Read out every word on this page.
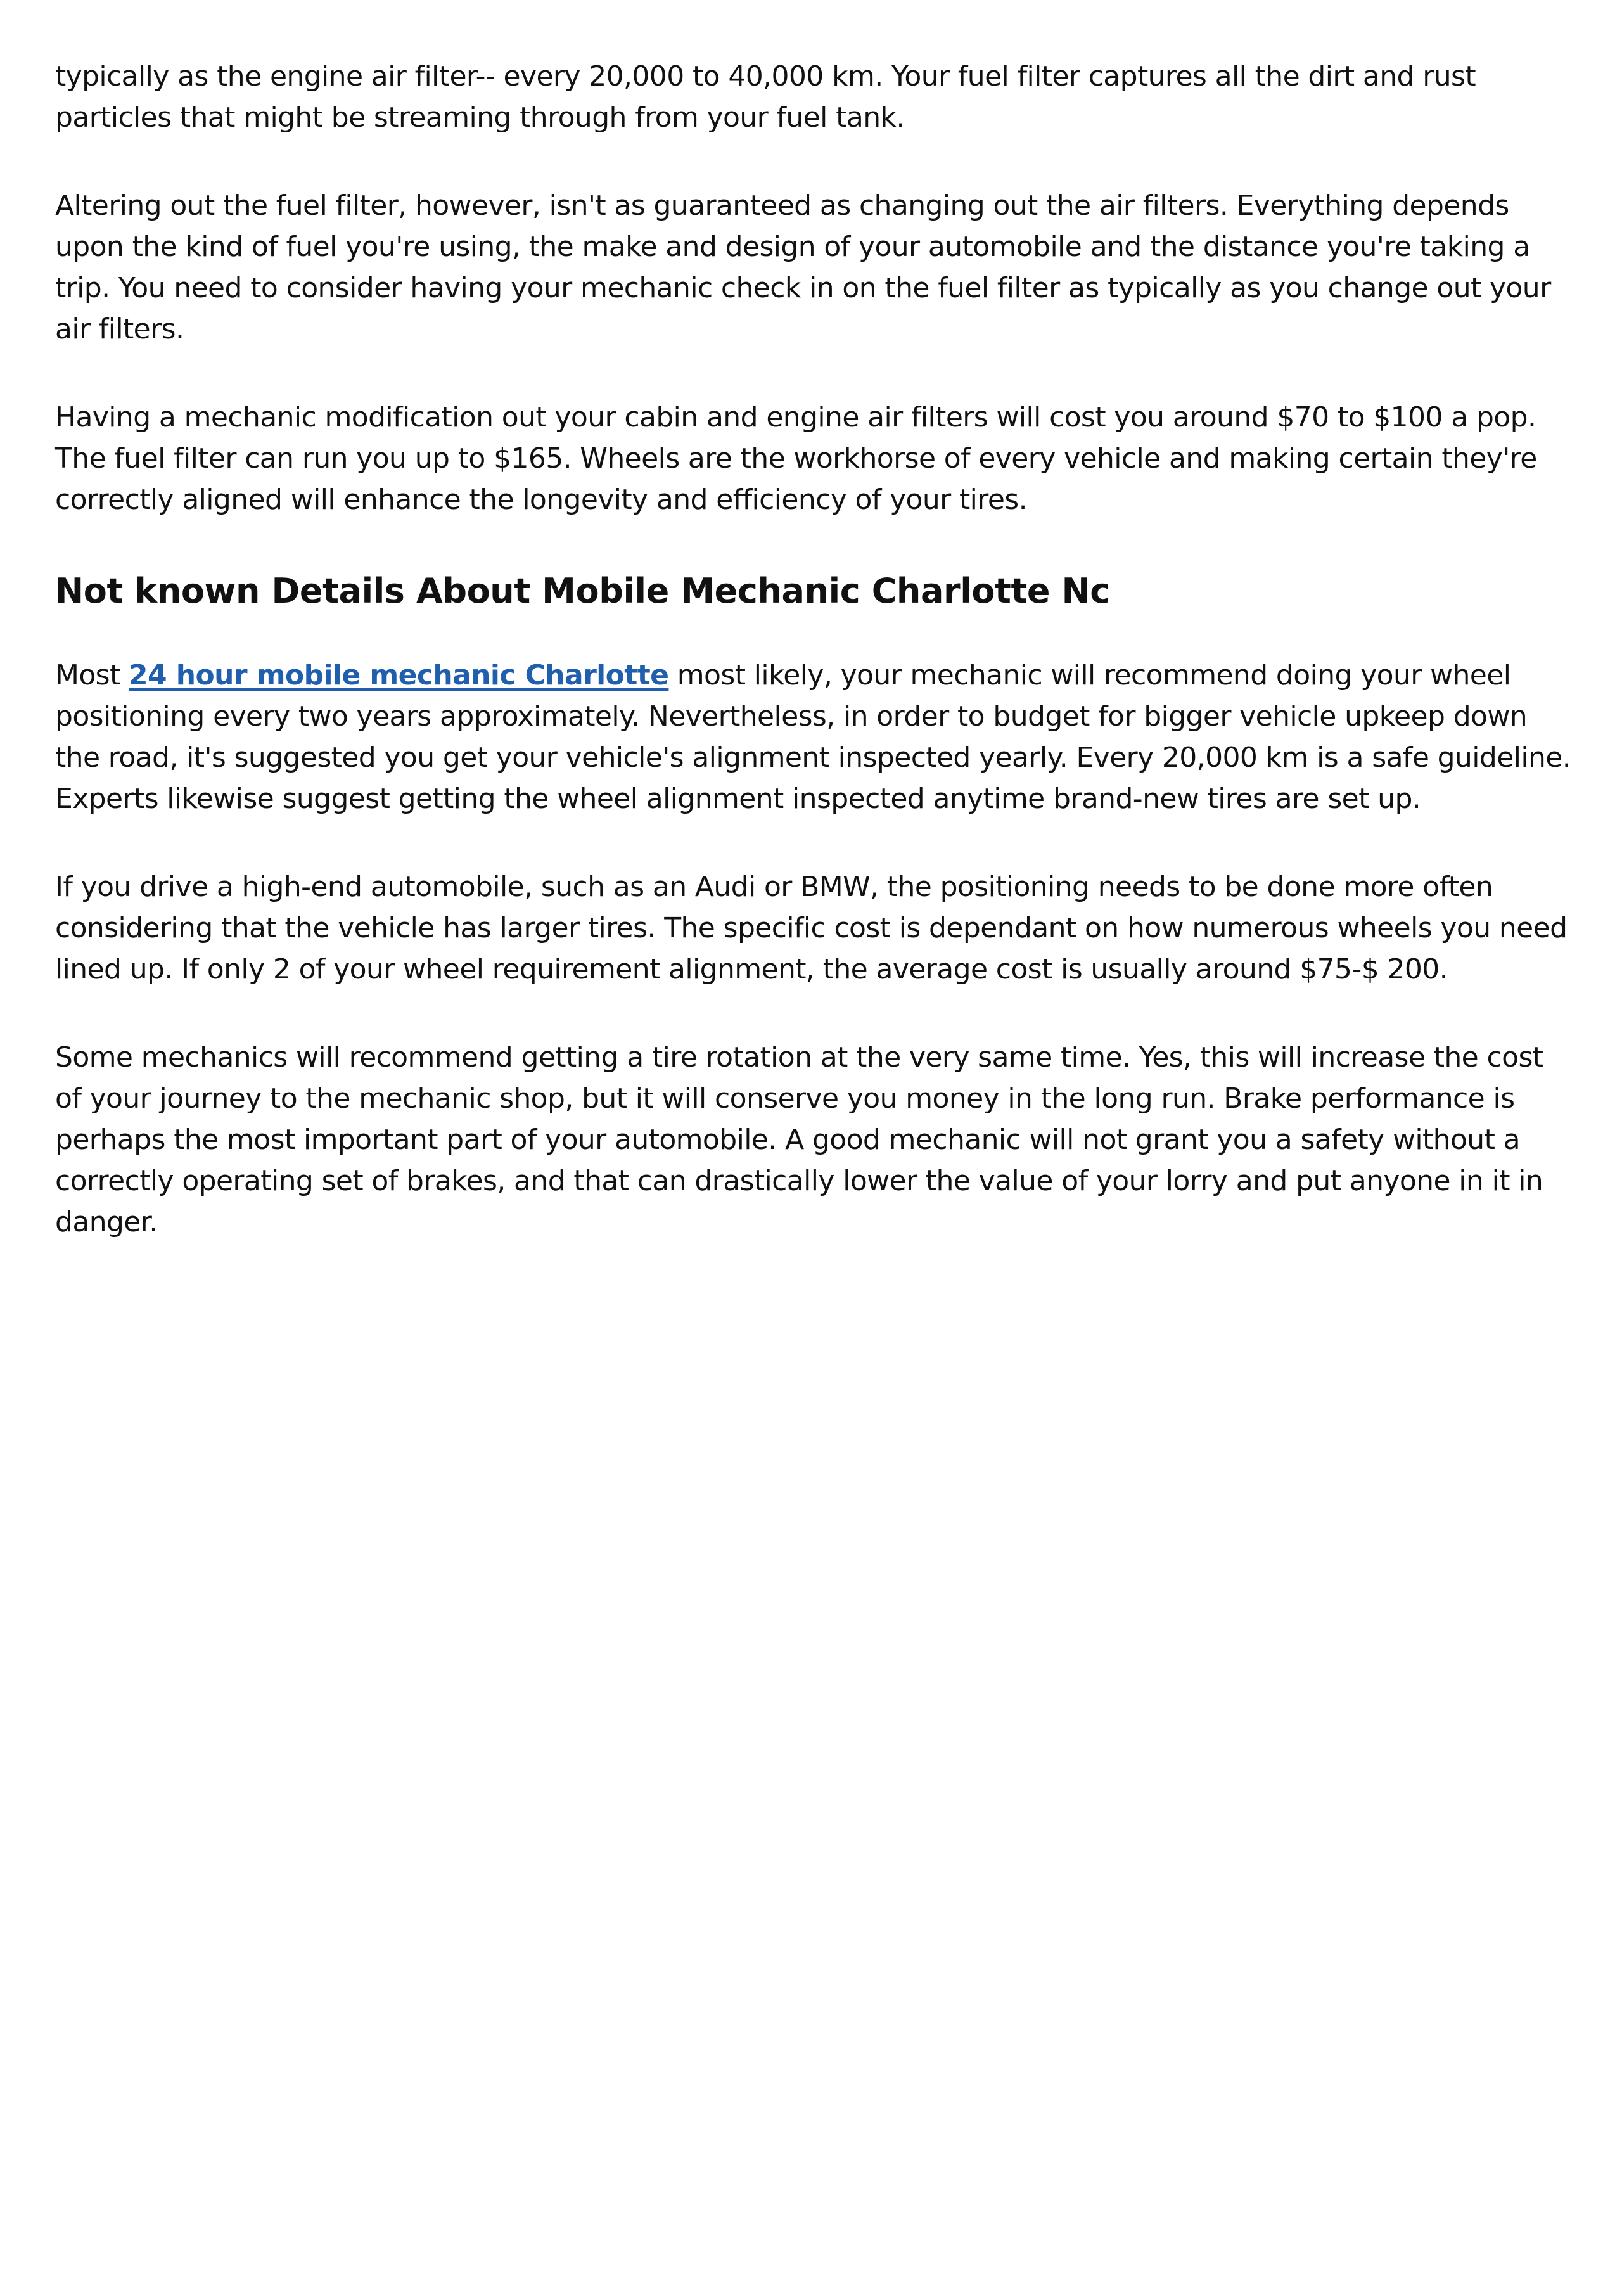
typically as the engine air filter-- every 20,000 to 40,000 km. Your fuel filter captures all the dirt and rust particles that might be streaming through from your fuel tank.

Altering out the fuel filter, however, isn't as guaranteed as changing out the air filters. Everything depends upon the kind of fuel you're using, the make and design of your automobile and the distance you're taking a trip. You need to consider having your mechanic check in on the fuel filter as typically as you change out your air filters.

Having a mechanic modification out your cabin and engine air filters will cost you around $70 to $100 a pop. The fuel filter can run you up to $165. Wheels are the workhorse of every vehicle and making certain they're correctly aligned will enhance the longevity and efficiency of your tires.

Not known Details About Mobile Mechanic Charlotte Nc

Most 24 hour mobile mechanic Charlotte most likely, your mechanic will recommend doing your wheel positioning every two years approximately. Nevertheless, in order to budget for bigger vehicle upkeep down the road, it's suggested you get your vehicle's alignment inspected yearly. Every 20,000 km is a safe guideline. Experts likewise suggest getting the wheel alignment inspected anytime brand-new tires are set up.

If you drive a high-end automobile, such as an Audi or BMW, the positioning needs to be done more often considering that the vehicle has larger tires. The specific cost is dependant on how numerous wheels you need lined up. If only 2 of your wheel requirement alignment, the average cost is usually around $75-$ 200.

Some mechanics will recommend getting a tire rotation at the very same time. Yes, this will increase the cost of your journey to the mechanic shop, but it will conserve you money in the long run. Brake performance is perhaps the most important part of your automobile. A good mechanic will not grant you a safety without a correctly operating set of brakes, and that can drastically lower the value of your lorry and put anyone in it in danger.
